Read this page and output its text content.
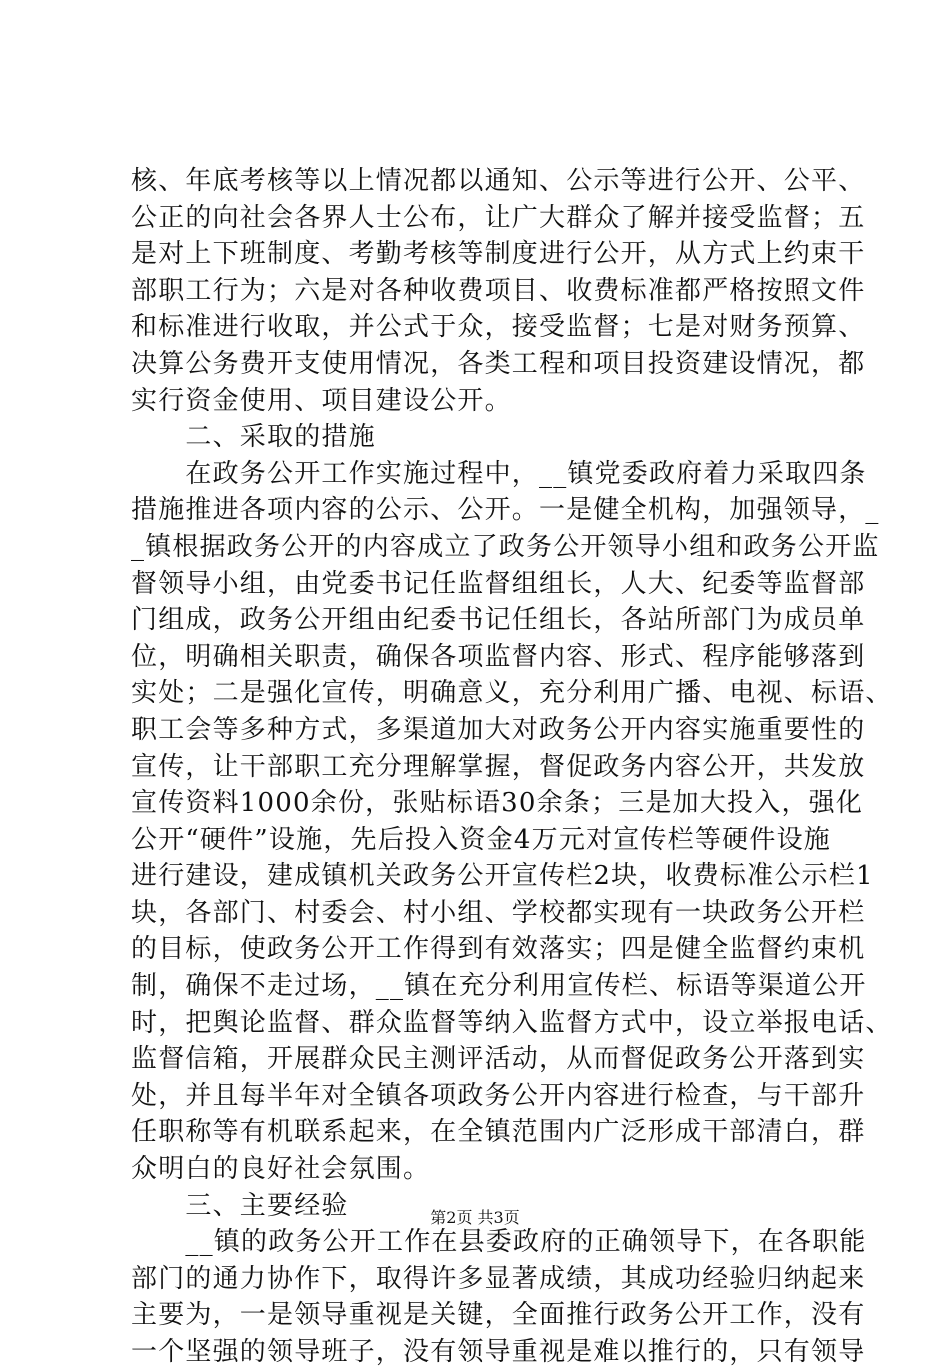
核、年底考核等以上情况都以通知、公示等进行公开、公平、
公正的向社会各界人士公布，让广大群众了解并接受监督；五
是对上下班制度、考勤考核等制度进行公开，从方式上约束干
部职工行为；六是对各种收费项目、收费标准都严格按照文件
和标准进行收取，并公式于众，接受监督；七是对财务预算、
决算公务费开支使用情况，各类工程和项目投资建设情况，都
实行资金使用、项目建设公开。
　　二、采取的措施
　　在政务公开工作实施过程中，__镇党委政府着力采取四条
措施推进各项内容的公示、公开。一是健全机构，加强领导，_
_镇根据政务公开的内容成立了政务公开领导小组和政务公开监
督领导小组，由党委书记任监督组组长，人大、纪委等监督部
门组成，政务公开组由纪委书记任组长，各站所部门为成员单
位，明确相关职责，确保各项监督内容、形式、程序能够落到
实处；二是强化宣传，明确意义，充分利用广播、电视、标语、
职工会等多种方式，多渠道加大对政务公开内容实施重要性的
宣传，让干部职工充分理解掌握，督促政务内容公开，共发放
宣传资料1000余份，张贴标语30余条；三是加大投入，强化
公开“硬件”设施，先后投入资金4万元对宣传栏等硬件设施
进行建设，建成镇机关政务公开宣传栏2块，收费标准公示栏1
块，各部门、村委会、村小组、学校都实现有一块政务公开栏
的目标，使政务公开工作得到有效落实；四是健全监督约束机
制，确保不走过场，__镇在充分利用宣传栏、标语等渠道公开
时，把舆论监督、群众监督等纳入监督方式中，设立举报电话、
监督信箱，开展群众民主测评活动，从而督促政务公开落到实
处，并且每半年对全镇各项政务公开内容进行检查，与干部升
任职称等有机联系起来，在全镇范围内广泛形成干部清白，群
众明白的良好社会氛围。
　　三、主要经验
　　__镇的政务公开工作在县委政府的正确领导下，在各职能
部门的通力协作下，取得许多显著成绩，其成功经验归纳起来
主要为，一是领导重视是关键，全面推行政务公开工作，没有
一个坚强的领导班子，没有领导重视是难以推行的，只有领导
第2页 共3页
